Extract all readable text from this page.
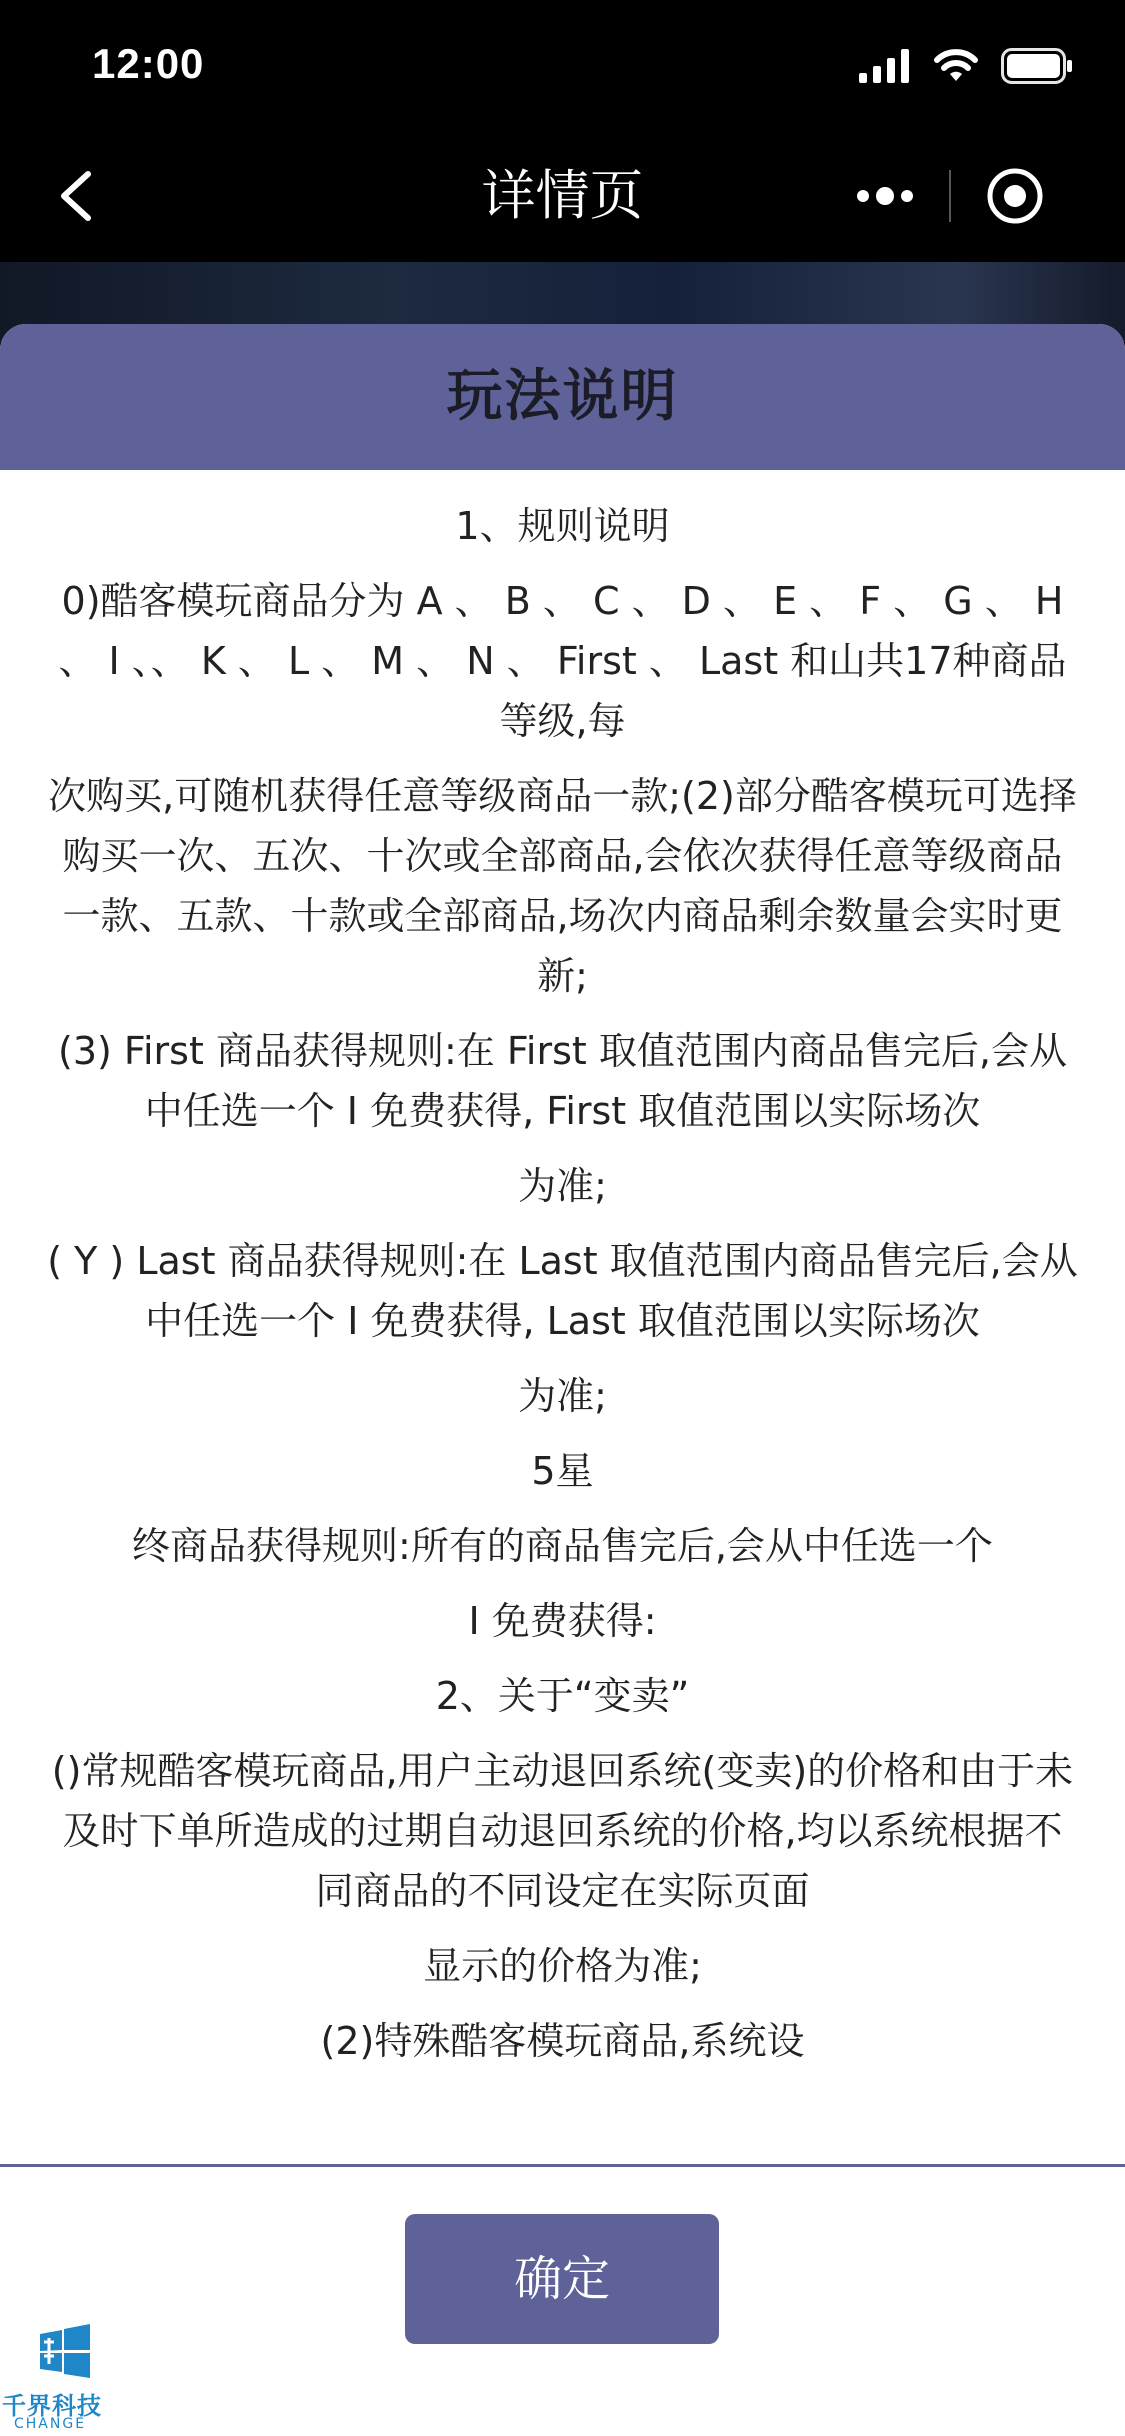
12:00
详情页
玩法说明

1、规则说明

0)酷客模玩商品分为 A 、 B 、 C 、 D 、 E 、 F 、 G 、 H 、 I 、、 K 、 L 、 M 、 N 、 First 、 Last 和山共17种商品等级,每

次购买,可随机获得任意等级商品一款;(2)部分酷客模玩可选择购买一次、五次、十次或全部商品,会依次获得任意等级商品一款、五款、十款或全部商品,场次内商品剩余数量会实时更新;

(3) First 商品获得规则:在 First 取值范围内商品售完后,会从中任选一个 I 免费获得, First 取值范围以实际场次

为准;

( Y ) Last 商品获得规则:在 Last 取值范围内商品售完后,会从中任选一个 I 免费获得, Last 取值范围以实际场次

为准;

5星

终商品获得规则:所有的商品售完后,会从中任选一个

I 免费获得:

2、关于“变卖”

()常规酷客模玩商品,用户主动退回系统(变卖)的价格和由于未及时下单所造成的过期自动退回系统的价格,均以系统根据不同商品的不同设定在实际页面

显示的价格为准;

(2)特殊酷客模玩商品,系统设

确定
千界科技
CHANGE
